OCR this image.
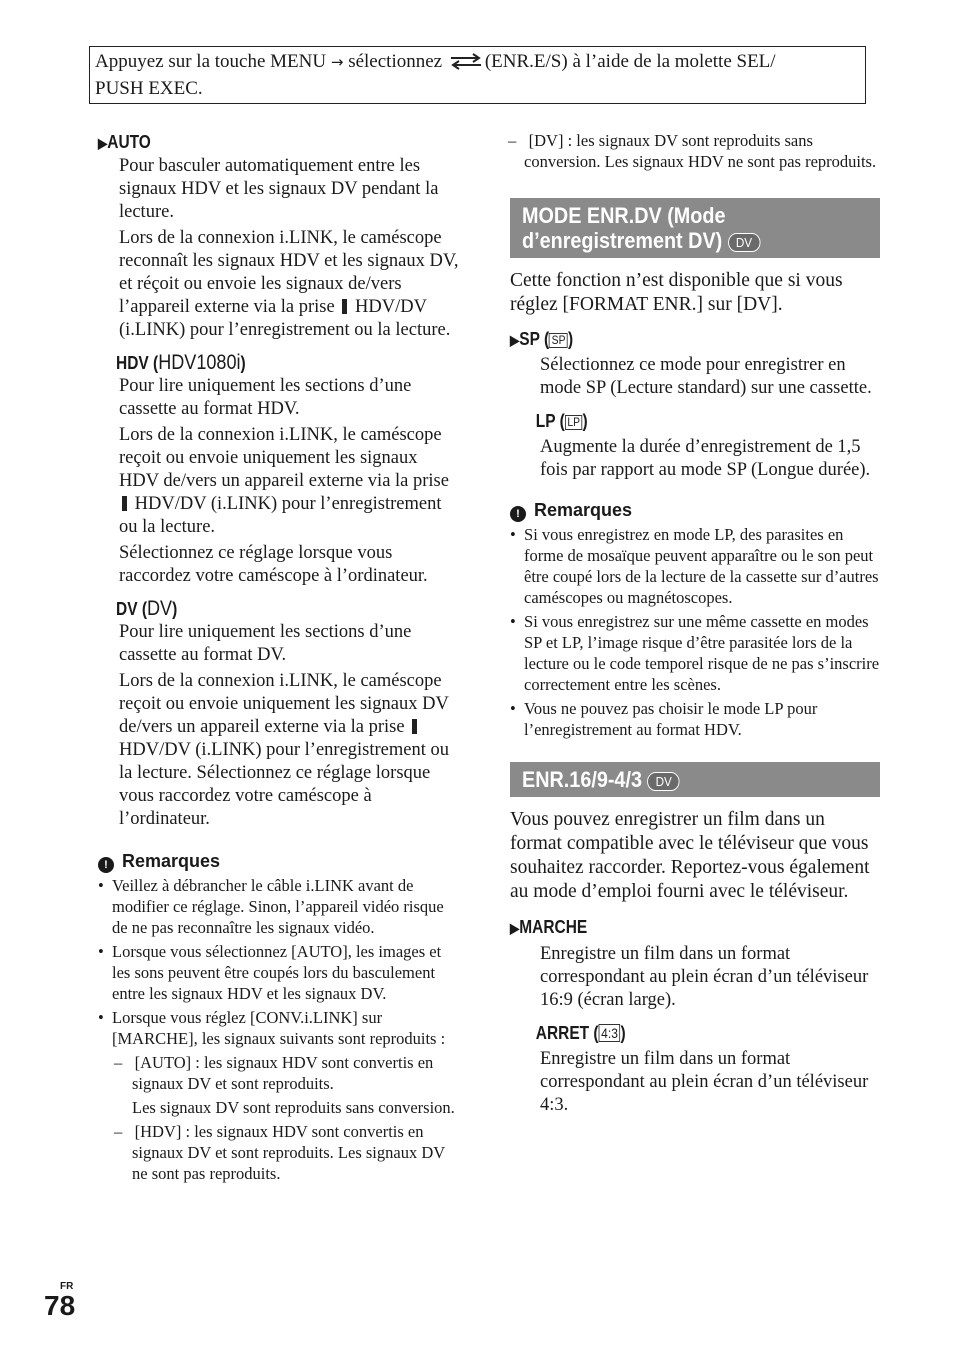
Appuyez sur la touche MENU → sélectionnez (ENR.E/S) à l’aide de la molette SEL/
PUSH EXEC.
▶AUTO

Pour basculer automatiquement entre les signaux HDV et les signaux DV pendant la lecture.

Lors de la connexion i.LINK, le caméscope reconnaît les signaux HDV et les signaux DV, et réçoit ou envoie les signaux de/vers l’appareil externe via la prise HDV/DV (i.LINK) pour l’enregistrement ou la lecture.

HDV (HDV1080i)

Pour lire uniquement les sections d’une cassette au format HDV.

Lors de la connexion i.LINK, le caméscope reçoit ou envoie uniquement les signaux HDV de/vers un appareil externe via la prise  HDV/DV (i.LINK) pour l’enregistrement ou la lecture.

Sélectionnez ce réglage lorsque vous raccordez votre caméscope à l’ordinateur.

DV (DV)

Pour lire uniquement les sections d’une cassette au format DV.

Lors de la connexion i.LINK, le caméscope reçoit ou envoie uniquement les signaux DV de/vers un appareil externe via la prise  HDV/DV (i.LINK) pour l’enregistrement ou la lecture. Sélectionnez ce réglage lorsque vous raccordez votre caméscope à l’ordinateur.

! Remarques

•  Veillez à débrancher le câble i.LINK avant de modifier ce réglage. Sinon, l’appareil vidéo risque de ne pas reconnaître les signaux vidéo.

•  Lorsque vous sélectionnez [AUTO], les images et les sons peuvent être coupés lors du basculement entre les signaux HDV et les signaux DV.

•  Lorsque vous réglez [CONV.i.LINK] sur [MARCHE], les signaux suivants sont reproduits :

–   [AUTO] : les signaux HDV sont convertis en signaux DV et sont reproduits.

Les signaux DV sont reproduits sans conversion.

–   [HDV] : les signaux HDV sont convertis en signaux DV et sont reproduits. Les signaux DV ne sont pas reproduits.

–   [DV] : les signaux DV sont reproduits sans conversion. Les signaux HDV ne sont pas reproduits.

MODE ENR.DV (Mode
d’enregistrement DV) DV

Cette fonction n’est disponible que si vous réglez [FORMAT ENR.] sur [DV].

▶SP ( SP )

Sélectionnez ce mode pour enregistrer en mode SP (Lecture standard) sur une cassette.

LP ( LP )

Augmente la durée d’enregistrement de 1,5 fois par rapport au mode SP (Longue durée).

! Remarques

•  Si vous enregistrez en mode LP, des parasites en forme de mosaïque peuvent apparaître ou le son peut être coupé lors de la lecture de la cassette sur d’autres caméscopes ou magnétoscopes.

•  Si vous enregistrez sur une même cassette en modes SP et LP, l’image risque d’être parasitée lors de la lecture ou le code temporel risque de ne pas s’inscrire correctement entre les scènes.

•  Vous ne pouvez pas choisir le mode LP pour l’enregistrement au format HDV.

ENR.16/9-4/3 DV

Vous pouvez enregistrer un film dans un format compatible avec le téléviseur que vous souhaitez raccorder. Reportez-vous également au mode d’emploi fourni avec le téléviseur.

▶MARCHE

Enregistre un film dans un format correspondant au plein écran d’un téléviseur 16:9 (écran large).

ARRET ( 4:3 )

Enregistre un film dans un format correspondant au plein écran d’un téléviseur 4:3.

FR
78
